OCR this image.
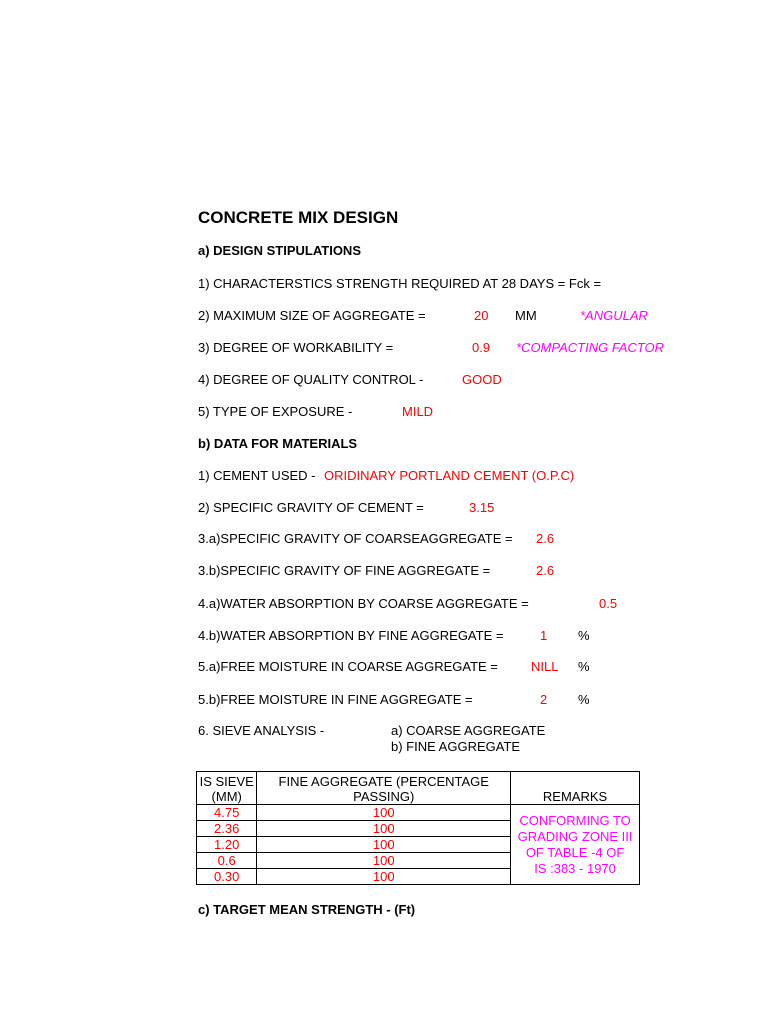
CONCRETE MIX DESIGN
a) DESIGN STIPULATIONS
1) CHARACTERSTICS STRENGTH REQUIRED AT 28 DAYS = Fck =
2) MAXIMUM SIZE OF AGGREGATE =	20 MM	*ANGULAR
3) DEGREE OF WORKABILITY =	0.9 *COMPACTING FACTOR
4) DEGREE OF QUALITY CONTROL -	GOOD
5) TYPE OF EXPOSURE -	MILD
b) DATA FOR MATERIALS
1) CEMENT USED - ORIDINARY PORTLAND CEMENT (O.P.C)
2) SPECIFIC GRAVITY OF CEMENT =	3.15
3.a)SPECIFIC GRAVITY OF COARSEAGGREGATE = 2.6
3.b)SPECIFIC GRAVITY OF FINE AGGREGATE =	2.6
4.a)WATER ABSORPTION BY COARSE AGGREGATE =	0.5
4.b)WATER ABSORPTION BY FINE AGGREGATE =	1 %
5.a)FREE MOISTURE IN COARSE AGGREGATE =	NILL %
5.b)FREE MOISTURE IN FINE AGGREGATE =	2 %
6. SIEVE ANALYSIS -	a) COARSE AGGREGATE
b) FINE AGGREGATE
IS SIEVE (MM)	FINE AGGREGATE (PERCENTAGE PASSING)	REMARKS
4.75	100	CONFORMING TO
GRADING ZONE III
OF TABLE -4 OF
IS :383 - 1970

2.36	100	
1.20	100	
0.6	100	
0.30	100	
c) TARGET MEAN STRENGTH - (Ft)
